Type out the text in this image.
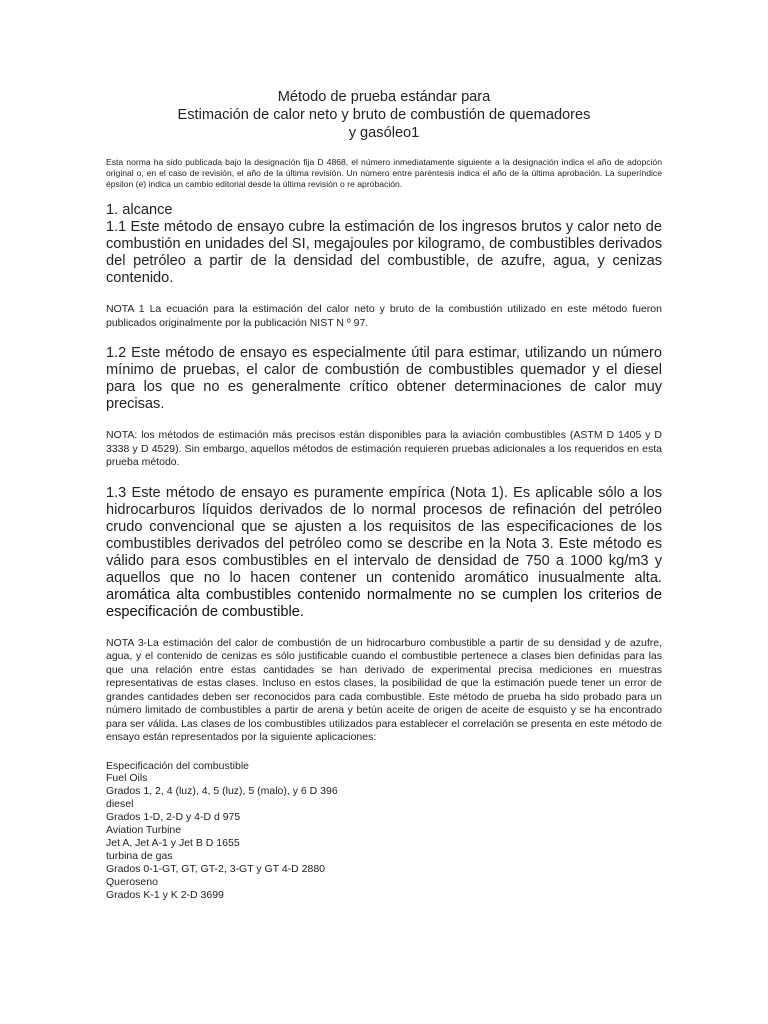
Método de prueba estándar para
Estimación de calor neto y bruto de combustión de quemadores
y gasóleo1

Esta norma ha sido publicada bajo la designación fija D 4868, el número inmediatamente siguiente a la designación indica el año de adopción original o, en el caso de revisión, el año de la última revisión. Un número entre paréntesis indica el año de la última aprobación. La superíndice épsilon (e) indica un cambio editorial desde la última revisión o re aprobación.

1. alcance

1.1 Este método de ensayo cubre la estimación de los ingresos brutos y calor neto de combustión en unidades del SI, megajoules por kilogramo, de combustibles derivados del petróleo a partir de la densidad del combustible, de azufre, agua, y cenizas contenido.

NOTA 1 La ecuación para la estimación del calor neto y bruto de la combustión utilizado en este método fueron publicados originalmente por la publicación NIST N º 97.

1.2 Este método de ensayo es especialmente útil para estimar, utilizando un número mínimo de pruebas, el calor de combustión de combustibles quemador y el diesel para los que no es generalmente crítico obtener determinaciones de calor muy precisas.

NOTA: los métodos de estimación más precisos están disponibles para la aviación combustibles (ASTM D 1405 y D 3338 y D 4529). Sin embargo, aquellos métodos de estimación requieren pruebas adicionales a los requeridos en esta prueba método.

1.3 Este método de ensayo es puramente empírica (Nota 1). Es aplicable sólo a los hidrocarburos líquidos derivados de lo normal procesos de refinación del petróleo crudo convencional que se ajusten a los requisitos de las especificaciones de los combustibles derivados del petróleo como se describe en la Nota 3. Este método es válido para esos combustibles en el intervalo de densidad de 750 a 1000 kg/m3 y aquellos que no lo hacen contener un contenido aromático inusualmente alta. aromática alta combustibles contenido normalmente no se cumplen los criterios de especificación de combustible.

NOTA 3-La estimación del calor de combustión de un hidrocarburo combustible a partir de su densidad y de azufre, agua, y el contenido de cenizas es sólo justificable cuando el combustible pertenece a clases bien definidas para las que una relación entre estas cantidades se han derivado de experimental precisa mediciones en muestras representativas de estas clases. Incluso en estos clases, la posibilidad de que la estimación puede tener un error de grandes cantidades deben ser reconocidos para cada combustible. Este método de prueba ha sido probado para un número limitado de combustibles a partir de arena y betún aceite de origen de aceite de esquisto y se ha encontrado para ser válida. Las clases de los combustibles utilizados para establecer el correlación se presenta en este método de ensayo están representados por la siguiente aplicaciones:

Especificación del combustible
Fuel Oils
Grados 1, 2, 4 (luz), 4, 5 (luz), 5 (malo), y 6 D 396
diesel
Grados 1-D, 2-D y 4-D d 975
Aviation Turbine
Jet A, Jet A-1 y Jet B D 1655
turbina de gas
Grados 0-1-GT, GT, GT-2, 3-GT y GT 4-D 2880
Queroseno
Grados K-1 y K 2-D 3699
